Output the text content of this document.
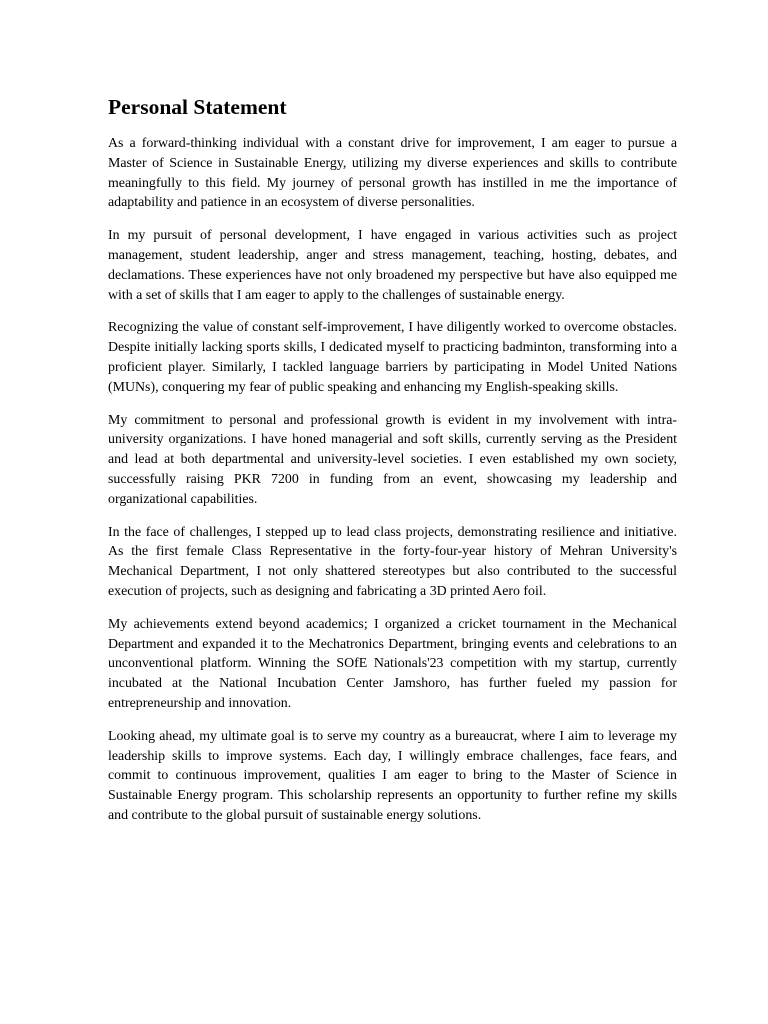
Personal Statement

As a forward-thinking individual with a constant drive for improvement, I am eager to pursue a Master of Science in Sustainable Energy, utilizing my diverse experiences and skills to contribute meaningfully to this field. My journey of personal growth has instilled in me the importance of adaptability and patience in an ecosystem of diverse personalities.

In my pursuit of personal development, I have engaged in various activities such as project management, student leadership, anger and stress management, teaching, hosting, debates, and declamations. These experiences have not only broadened my perspective but have also equipped me with a set of skills that I am eager to apply to the challenges of sustainable energy.

Recognizing the value of constant self-improvement, I have diligently worked to overcome obstacles. Despite initially lacking sports skills, I dedicated myself to practicing badminton, transforming into a proficient player. Similarly, I tackled language barriers by participating in Model United Nations (MUNs), conquering my fear of public speaking and enhancing my English-speaking skills.

My commitment to personal and professional growth is evident in my involvement with intra-university organizations. I have honed managerial and soft skills, currently serving as the President and lead at both departmental and university-level societies. I even established my own society, successfully raising PKR 7200 in funding from an event, showcasing my leadership and organizational capabilities.

In the face of challenges, I stepped up to lead class projects, demonstrating resilience and initiative. As the first female Class Representative in the forty-four-year history of Mehran University's Mechanical Department, I not only shattered stereotypes but also contributed to the successful execution of projects, such as designing and fabricating a 3D printed Aero foil.

My achievements extend beyond academics; I organized a cricket tournament in the Mechanical Department and expanded it to the Mechatronics Department, bringing events and celebrations to an unconventional platform. Winning the SOfE Nationals'23 competition with my startup, currently incubated at the National Incubation Center Jamshoro, has further fueled my passion for entrepreneurship and innovation.

Looking ahead, my ultimate goal is to serve my country as a bureaucrat, where I aim to leverage my leadership skills to improve systems. Each day, I willingly embrace challenges, face fears, and commit to continuous improvement, qualities I am eager to bring to the Master of Science in Sustainable Energy program. This scholarship represents an opportunity to further refine my skills and contribute to the global pursuit of sustainable energy solutions.
